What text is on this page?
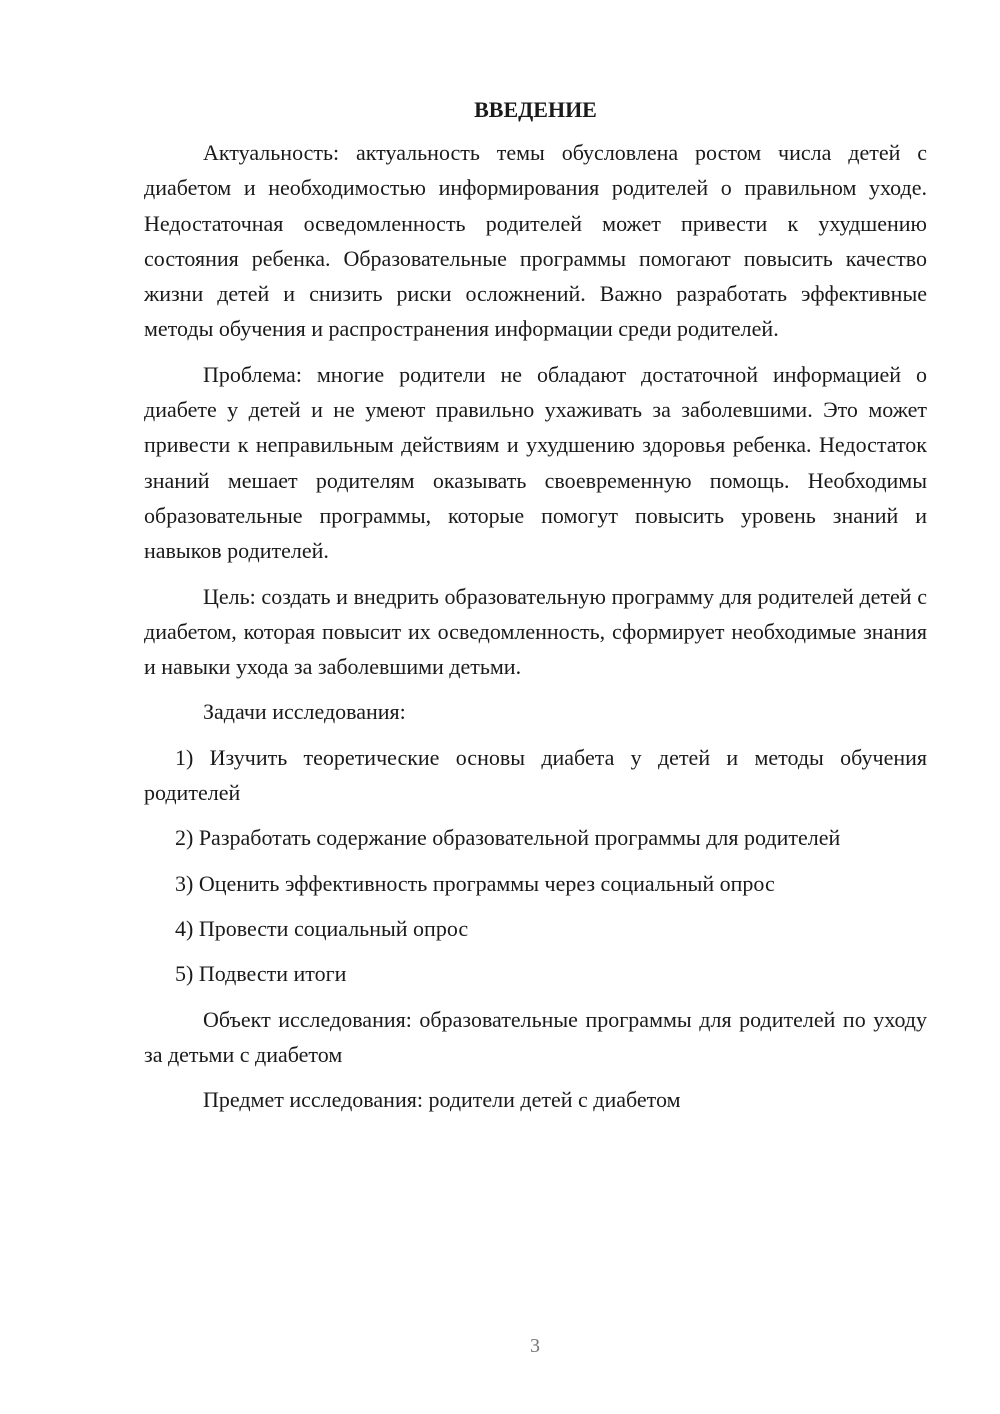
ВВЕДЕНИЕ

Актуальность: актуальность темы обусловлена ростом числа детей с диабетом и необходимостью информирования родителей о правильном уходе. Недостаточная осведомленность родителей может привести к ухудшению состояния ребенка. Образовательные программы помогают повысить качество жизни детей и снизить риски осложнений. Важно разработать эффективные методы обучения и распространения информации среди родителей.

Проблема: многие родители не обладают достаточной информацией о диабете у детей и не умеют правильно ухаживать за заболевшими. Это может привести к неправильным действиям и ухудшению здоровья ребенка. Недостаток знаний мешает родителям оказывать своевременную помощь. Необходимы образовательные программы, которые помогут повысить уровень знаний и навыков родителей.

Цель: создать и внедрить образовательную программу для родителей детей с диабетом, которая повысит их осведомленность, сформирует необходимые знания и навыки ухода за заболевшими детьми.

Задачи исследования:

1) Изучить теоретические основы диабета у детей и методы обучения родителей

2) Разработать содержание образовательной программы для родителей

3) Оценить эффективность программы через социальный опрос

4) Провести социальный опрос

5) Подвести итоги

Объект исследования: образовательные программы для родителей по уходу за детьми с диабетом

Предмет исследования: родители детей с диабетом

3
